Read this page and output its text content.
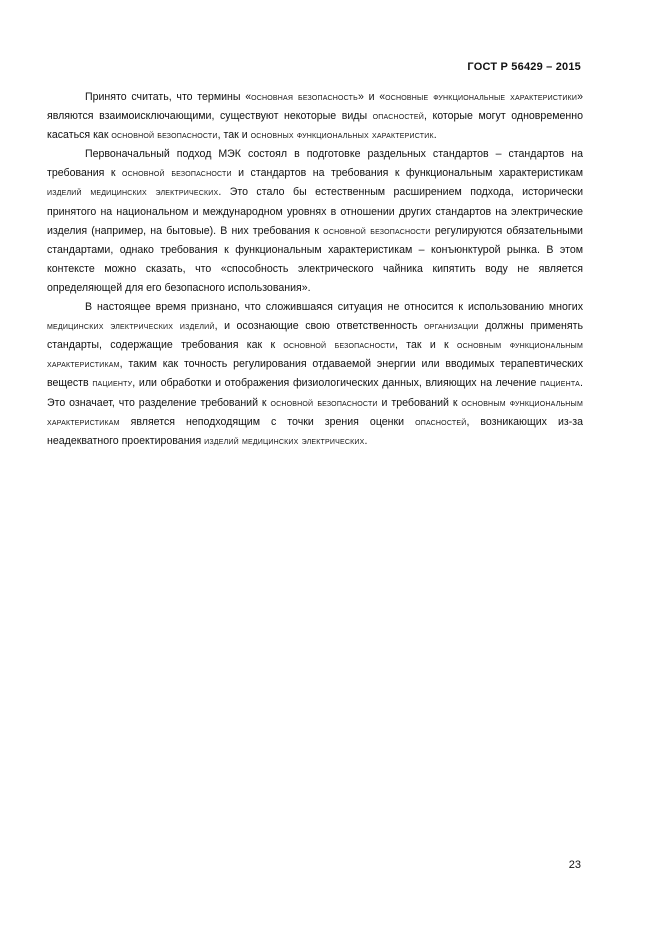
ГОСТ Р 56429 – 2015

Принято считать, что термины «основная безопасность» и «основные функциональные характеристики» являются взаимоисключающими, существуют некоторые виды опасностей, которые могут одновременно касаться как основной безопасности, так и основных функциональных характеристик.

Первоначальный подход МЭК состоял в подготовке раздельных стандартов – стандартов на требования к основной безопасности и стандартов на требования к функциональным характеристикам изделий медицинских электрических. Это стало бы естественным расширением подхода, исторически принятого на национальном и международном уровнях в отношении других стандартов на электрические изделия (например, на бытовые). В них требования к основной безопасности регулируются обязательными стандартами, однако требования к функциональным характеристикам – конъюнктурой рынка. В этом контексте можно сказать, что «способность электрического чайника кипятить воду не является определяющей для его безопасного использования».

В настоящее время признано, что сложившаяся ситуация не относится к использованию многих медицинских электрических изделий, и осознающие свою ответственность организации должны применять стандарты, содержащие требования как к основной безопасности, так и к основным функциональным характеристикам, таким как точность регулирования отдаваемой энергии или вводимых терапевтических веществ пациенту, или обработки и отображения физиологических данных, влияющих на лечение пациента. Это означает, что разделение требований к основной безопасности и требований к основным функциональным характеристикам является неподходящим с точки зрения оценки опасностей, возникающих из-за неадекватного проектирования изделий медицинских электрических.

23
